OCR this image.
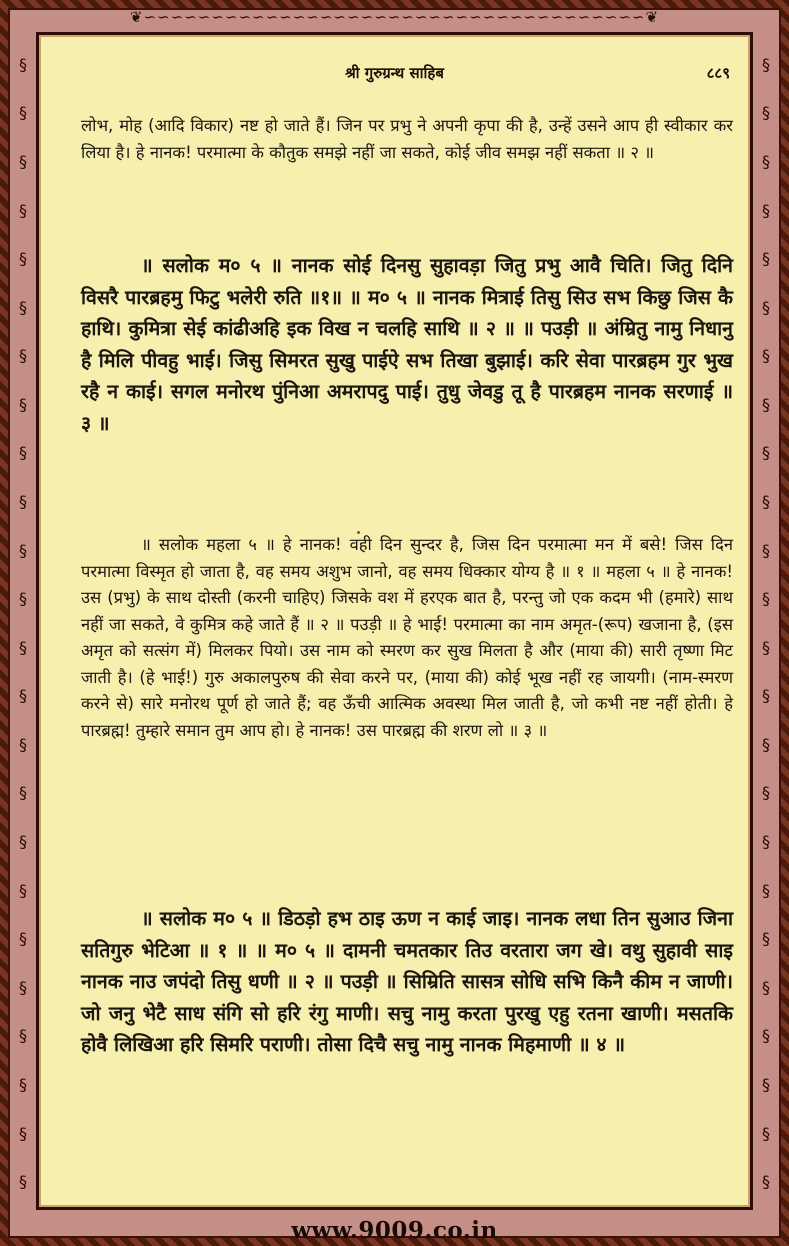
❦∽∽∽∽∽∽∽∽∽∽∽∽∽∽∽∽∽∽∽∽∽∽∽∽∽∽∽∽∽∽∽∽∽∽∽∽∽❦
§
§
§
§
§
§
§
§
§
§
§
§
§
§
§
§
§
§
§
§
§
§
§
§
§
§
§
§
§
§
§
§
§
§
§
§
§
§
§
§
§
§
§
§
§
§
§
§
श्री गुरुग्रन्थ साहिब	८८९

लोभ, मोह (आदि विकार) नष्ट हो जाते हैं। जिन पर प्रभु ने अपनी कृपा की है, उन्हें उसने आप ही स्वीकार कर लिया है। हे नानक! परमात्मा के कौतुक समझे नहीं जा सकते, कोई जीव समझ नहीं सकता ॥ २ ॥

॥ सलोक म० ५ ॥ नानक सोई दिनसु सुहावड़ा जितु प्रभु आवै चिति। जितु दिनि विसरै पारब्रहमु फिटु भलेरी रुति ॥१॥ ॥ म० ५ ॥ नानक मित्राई तिसु सिउ सभ किछु जिस कै हाथि। कुमित्रा सेई कांढीअहि इक विख न चलहि साथि ॥ २ ॥ ॥ पउड़ी ॥ अंम्रितु नामु निधानु है मिलि पीवहु भाई। जिसु सिमरत सुखु पाईऐ सभ तिखा बुझाई। करि सेवा पारब्रहम गुर भुख रहै न काई। सगल मनोरथ पुंनिआ अमरापदु पाई। तुधु जेवडु तू है पारब्रहम नानक सरणाई ॥ ३ ॥

॥ सलोक महला ५ ॥ हे नानक! वही दिन सुन्दर है, जिस दिन परमात्मा मन में बसे! जिस दिन परमात्मा विस्मृत हो जाता है, वह समय अशुभ जानो, वह समय धिक्कार योग्य है ॥ १ ॥ महला ५ ॥ हे नानक! उस (प्रभु) के साथ दोस्ती (करनी चाहिए) जिसके वश में हरएक बात है, परन्तु जो एक कदम भी (हमारे) साथ नहीं जा सकते, वे कुमित्र कहे जाते हैं ॥ २ ॥ पउड़ी ॥ हे भाई! परमात्मा का नाम अमृत-(रूप) खजाना है, (इस अमृत को सत्संग में) मिलकर पियो। उस नाम को स्मरण कर सुख मिलता है और (माया की) सारी तृष्णा मिट जाती है। (हे भाई!) गुरु अकालपुरुष की सेवा करने पर, (माया की) कोई भूख नहीं रह जायगी। (नाम-स्मरण करने से) सारे मनोरथ पूर्ण हो जाते हैं; वह ऊँची आत्मिक अवस्था मिल जाती है, जो कभी नष्ट नहीं होती। हे पारब्रह्म! तुम्हारे समान तुम आप हो। हे नानक! उस पारब्रह्म की शरण लो ॥ ३ ॥

॥ सलोक म० ५ ॥ डिठड़ो हभ ठाइ ऊण न काई जाइ। नानक लधा तिन सुआउ जिना सतिगुरु भेटिआ ॥ १ ॥ ॥ म० ५ ॥ दामनी चमतकार तिउ वरतारा जग खे। वथु सुहावी साइ नानक नाउ जपंदो तिसु धणी ॥ २ ॥ पउड़ी ॥ सिम्रिति सासत्र सोधि सभि किनै कीम न जाणी। जो जनु भेटै साध संगि सो हरि रंगु माणी। सचु नामु करता पुरखु एहु रतना खाणी। मसतकि होवै लिखिआ हरि सिमरि पराणी। तोसा दिचै सचु नामु नानक मिहमाणी ॥ ४ ॥

www.9009.co.in
